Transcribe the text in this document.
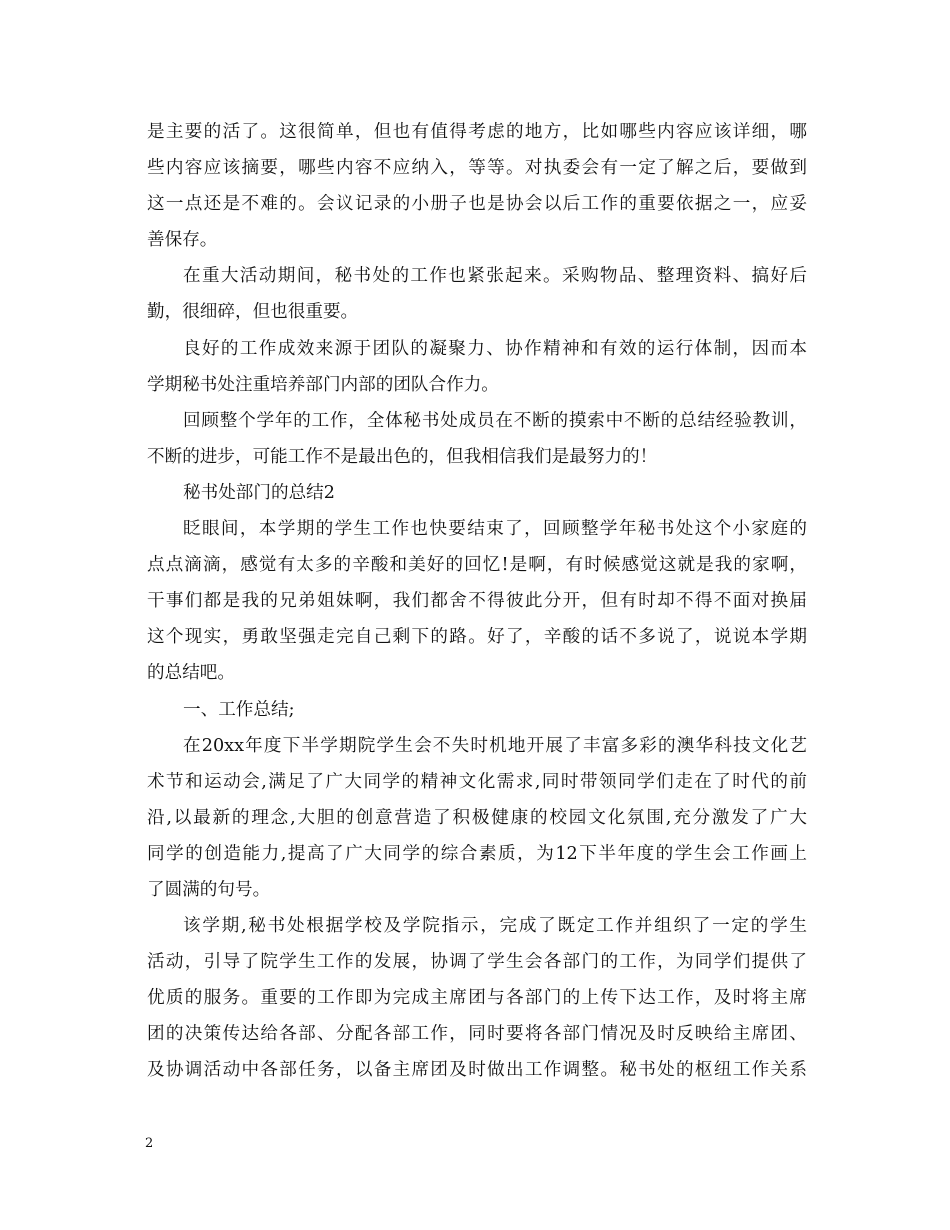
是主要的活了。这很简单，但也有值得考虑的地方，比如哪些内容应该详细，哪
些内容应该摘要，哪些内容不应纳入，等等。对执委会有一定了解之后，要做到
这一点还是不难的。会议记录的小册子也是协会以后工作的重要依据之一，应妥
善保存。
在重大活动期间，秘书处的工作也紧张起来。采购物品、整理资料、搞好后
勤，很细碎，但也很重要。
良好的工作成效来源于团队的凝聚力、协作精神和有效的运行体制，因而本
学期秘书处注重培养部门内部的团队合作力。
回顾整个学年的工作，全体秘书处成员在不断的摸索中不断的总结经验教训，
不断的进步，可能工作不是最出色的，但我相信我们是最努力的！
秘书处部门的总结2
眨眼间，本学期的学生工作也快要结束了，回顾整学年秘书处这个小家庭的
点点滴滴，感觉有太多的辛酸和美好的回忆!是啊，有时候感觉这就是我的家啊，
干事们都是我的兄弟姐妹啊，我们都舍不得彼此分开，但有时却不得不面对换届
这个现实，勇敢坚强走完自己剩下的路。好了，辛酸的话不多说了，说说本学期
的总结吧。
一、工作总结;
在20xx年度下半学期院学生会不失时机地开展了丰富多彩的澳华科技文化艺
术节和运动会,满足了广大同学的精神文化需求,同时带领同学们走在了时代的前
沿,以最新的理念,大胆的创意营造了积极健康的校园文化氛围,充分激发了广大
同学的创造能力,提高了广大同学的综合素质，为12下半年度的学生会工作画上
了圆满的句号。
该学期,秘书处根据学校及学院指示，完成了既定工作并组织了一定的学生
活动，引导了院学生工作的发展，协调了学生会各部门的工作，为同学们提供了
优质的服务。重要的工作即为完成主席团与各部门的上传下达工作，及时将主席
团的决策传达给各部、分配各部工作，同时要将各部门情况及时反映给主席团、
及协调活动中各部任务，以备主席团及时做出工作调整。秘书处的枢纽工作关系
2
